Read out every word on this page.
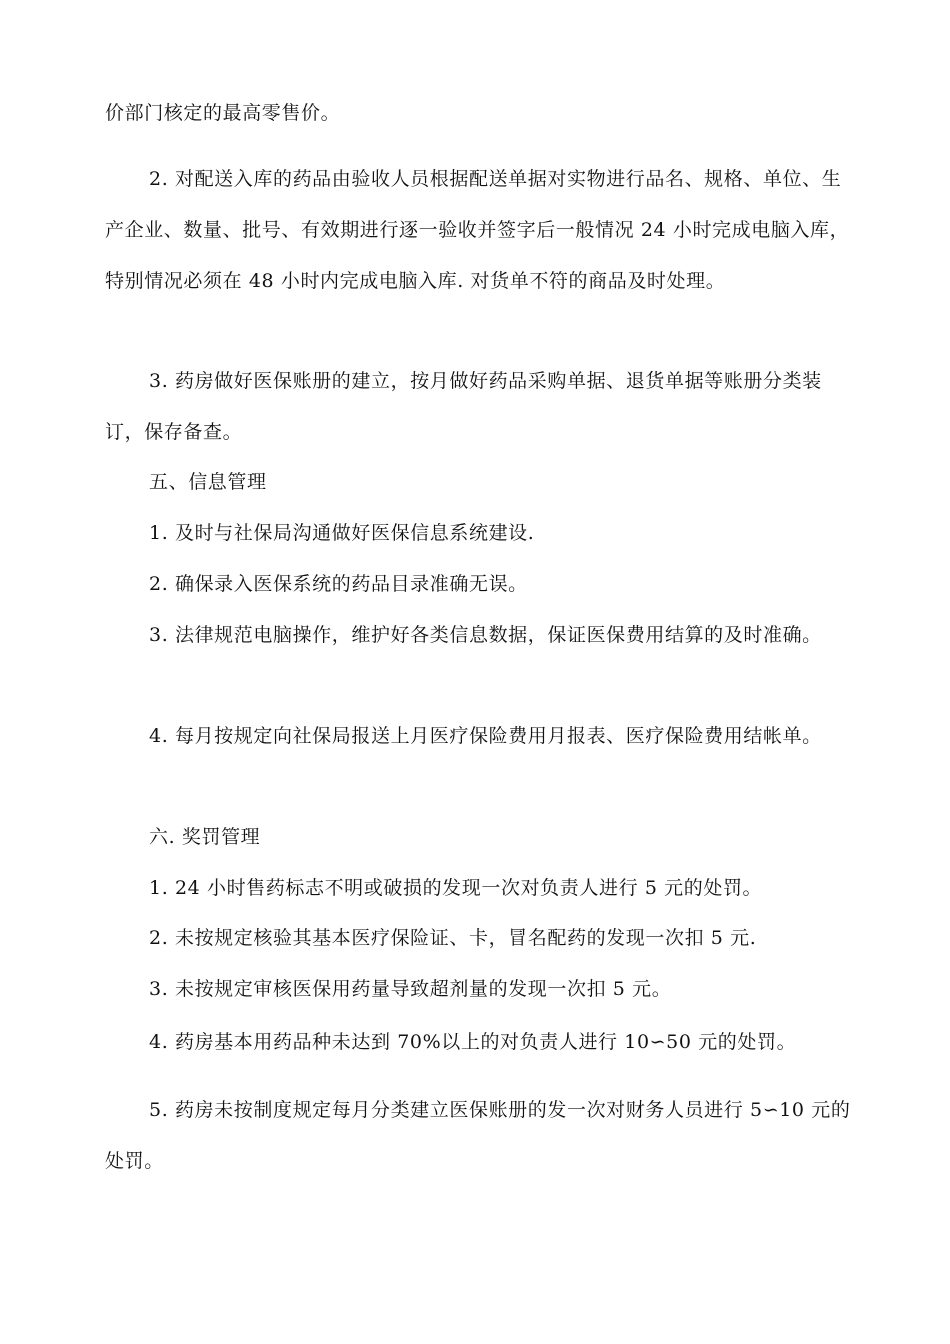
价部门核定的最高零售价。

2. 对配送入库的药品由验收人员根据配送单据对实物进行品名、规格、单位、生产企业、数量、批号、有效期进行逐一验收并签字后一般情况 24 小时完成电脑入库，特别情况必须在 48 小时内完成电脑入库. 对货单不符的商品及时处理。

3. 药房做好医保账册的建立，按月做好药品采购单据、退货单据等账册分类装订，保存备查。

五、信息管理

1. 及时与社保局沟通做好医保信息系统建设.

2. 确保录入医保系统的药品目录准确无误。

3. 法律规范电脑操作，维护好各类信息数据，保证医保费用结算的及时准确。

4. 每月按规定向社保局报送上月医疗保险费用月报表、医疗保险费用结帐单。

六. 奖罚管理

1. 24 小时售药标志不明或破损的发现一次对负责人进行 5 元的处罚。

2. 未按规定核验其基本医疗保险证、卡，冒名配药的发现一次扣 5 元.

3. 未按规定审核医保用药量导致超剂量的发现一次扣 5 元。

4. 药房基本用药品种未达到 70%以上的对负责人进行 10∽50 元的处罚。

5. 药房未按制度规定每月分类建立医保账册的发一次对财务人员进行 5∽10 元的处罚。
